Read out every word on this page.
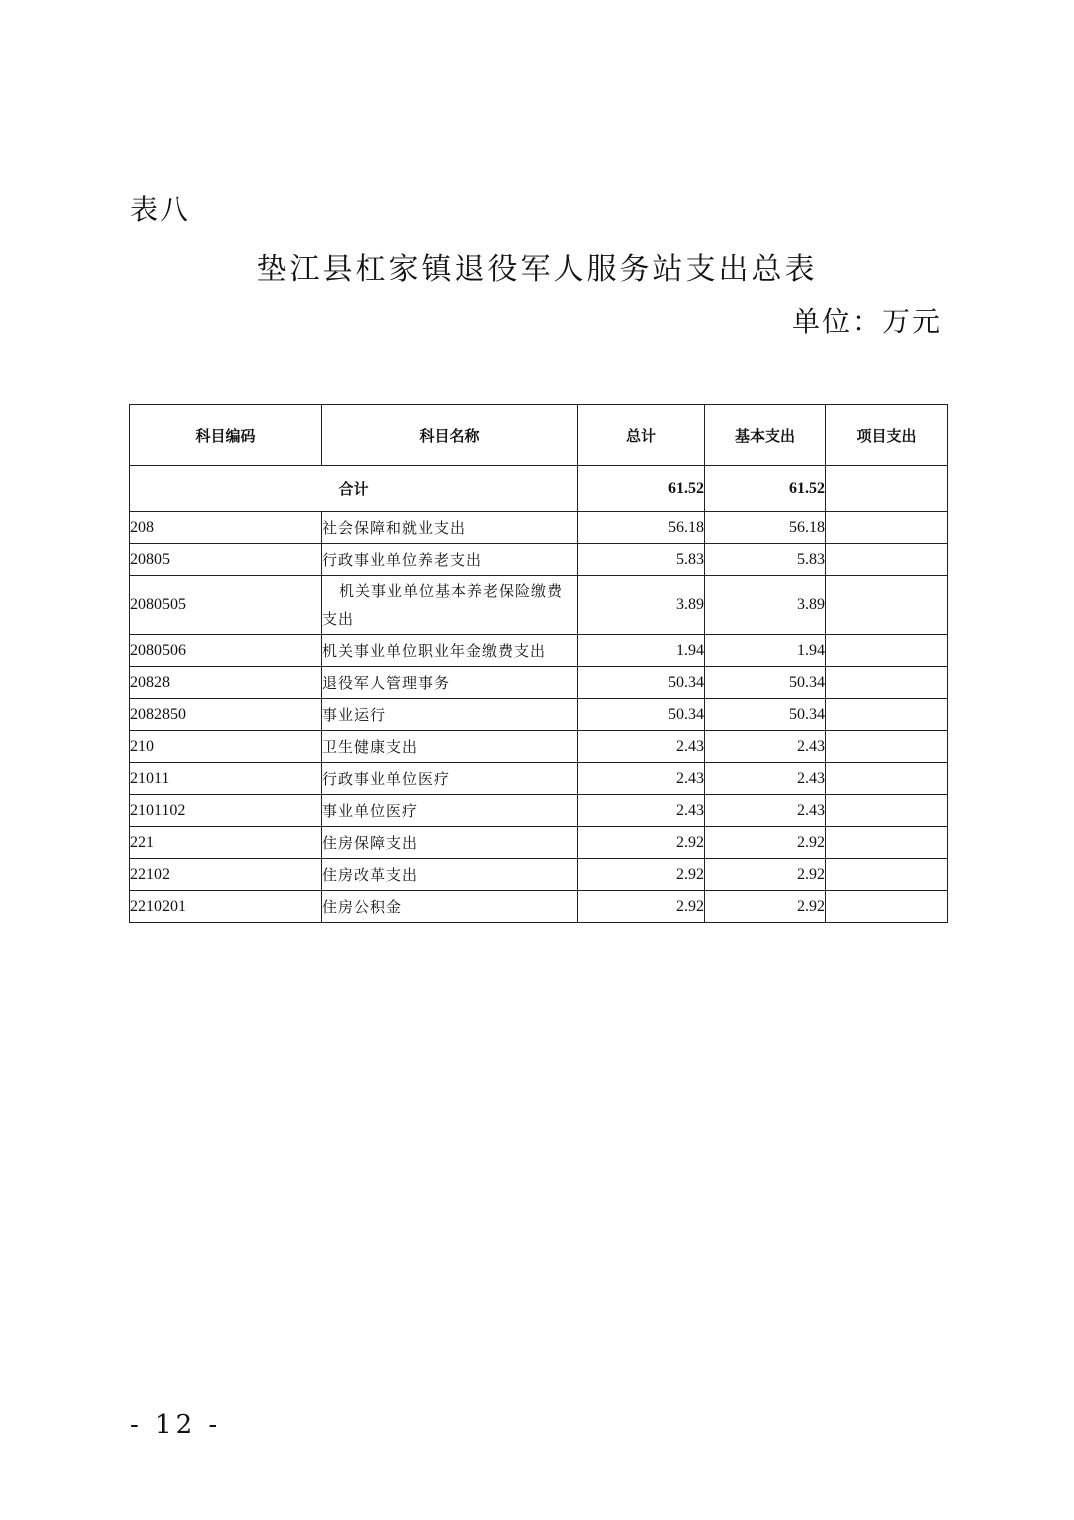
表八
垫江县杠家镇退役军人服务站支出总表
单位：万元
科目编码	科目名称	总计	基本支出	项目支出
合计		61.52	61.52	
208	社会保障和就业支出	56.18	56.18	
20805	行政事业单位养老支出	5.83	5.83	
2080505	机关事业单位基本养老保险缴费支出	3.89	3.89	
2080506	机关事业单位职业年金缴费支出	1.94	1.94	
20828	退役军人管理事务	50.34	50.34	
2082850	事业运行	50.34	50.34	
210	卫生健康支出	2.43	2.43	
21011	行政事业单位医疗	2.43	2.43	
2101102	事业单位医疗	2.43	2.43	
221	住房保障支出	2.92	2.92	
22102	住房改革支出	2.92	2.92	
2210201	住房公积金	2.92	2.92	
- 12 -
